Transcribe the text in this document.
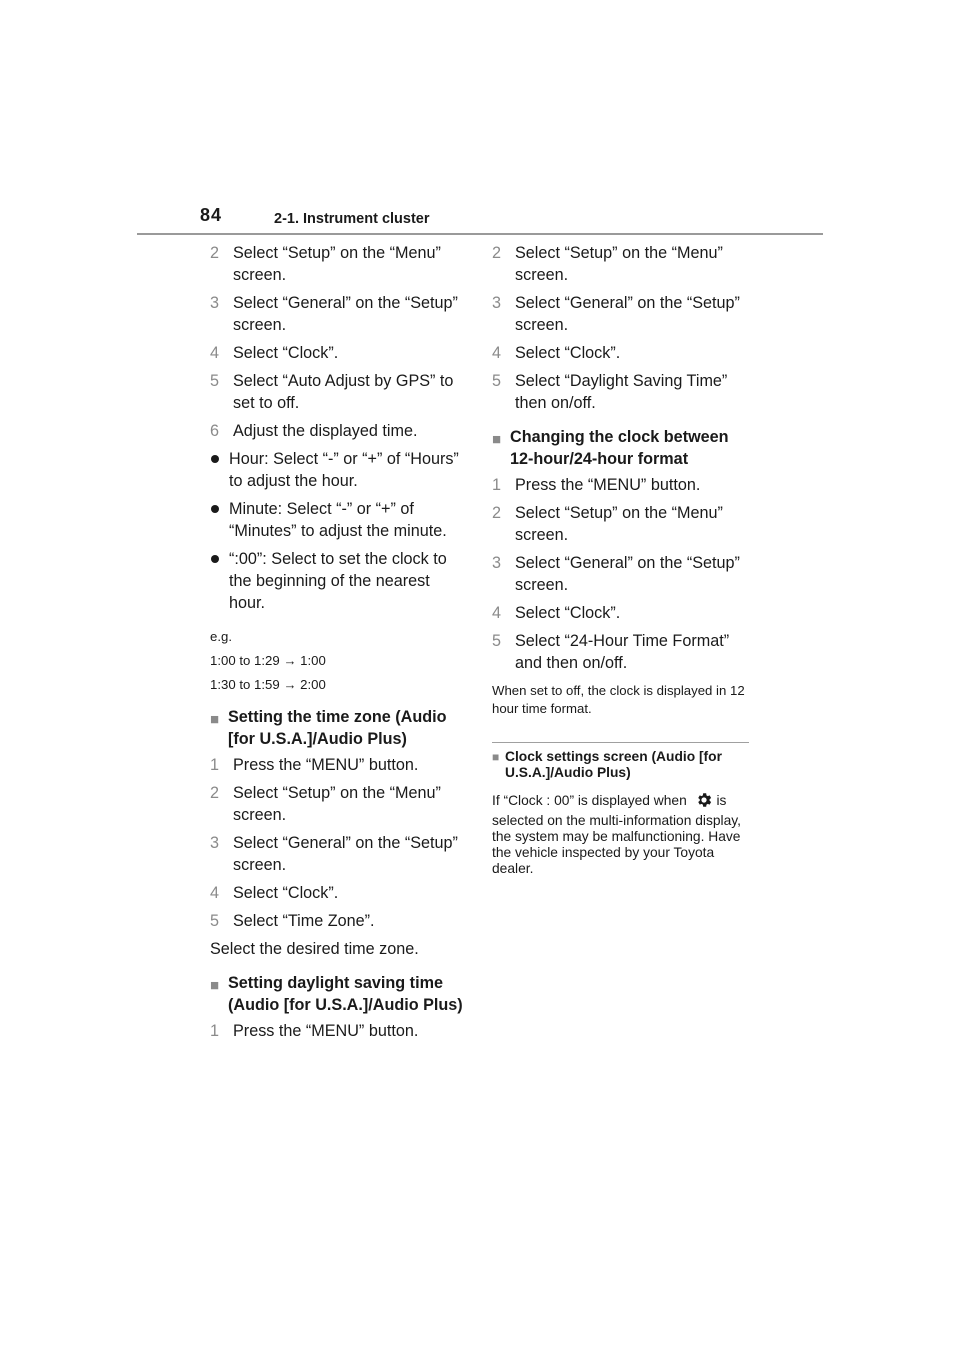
84	2-1. Instrument cluster
2 Select “Setup” on the “Menu” screen.
3 Select “General” on the “Setup” screen.
4 Select “Clock”.
5 Select “Auto Adjust by GPS” to set to off.
6 Adjust the displayed time.
Hour: Select “-” or “+” of “Hours” to adjust the hour.
Minute: Select “-” or “+” of “Minutes” to adjust the minute.
“:00”: Select to set the clock to the beginning of the nearest hour.
e.g.
1:00 to 1:29 → 1:00
1:30 to 1:59 → 2:00
■ Setting the time zone (Audio [for U.S.A.]/Audio Plus)
1 Press the “MENU” button.
2 Select “Setup” on the “Menu” screen.
3 Select “General” on the “Setup” screen.
4 Select “Clock”.
5 Select “Time Zone”.
Select the desired time zone.
■ Setting daylight saving time (Audio [for U.S.A.]/Audio Plus)
1 Press the “MENU” button.
2 Select “Setup” on the “Menu” screen.
3 Select “General” on the “Setup” screen.
4 Select “Clock”.
5 Select “Daylight Saving Time” then on/off.
■ Changing the clock between 12-hour/24-hour format
1 Press the “MENU” button.
2 Select “Setup” on the “Menu” screen.
3 Select “General” on the “Setup” screen.
4 Select “Clock”.
5 Select “24-Hour Time Format” and then on/off.
When set to off, the clock is displayed in 12 hour time format.
■ Clock settings screen (Audio [for U.S.A.]/Audio Plus)
If “Clock : 00” is displayed when is selected on the multi-information display, the system may be malfunctioning. Have the vehicle inspected by your Toyota dealer.
